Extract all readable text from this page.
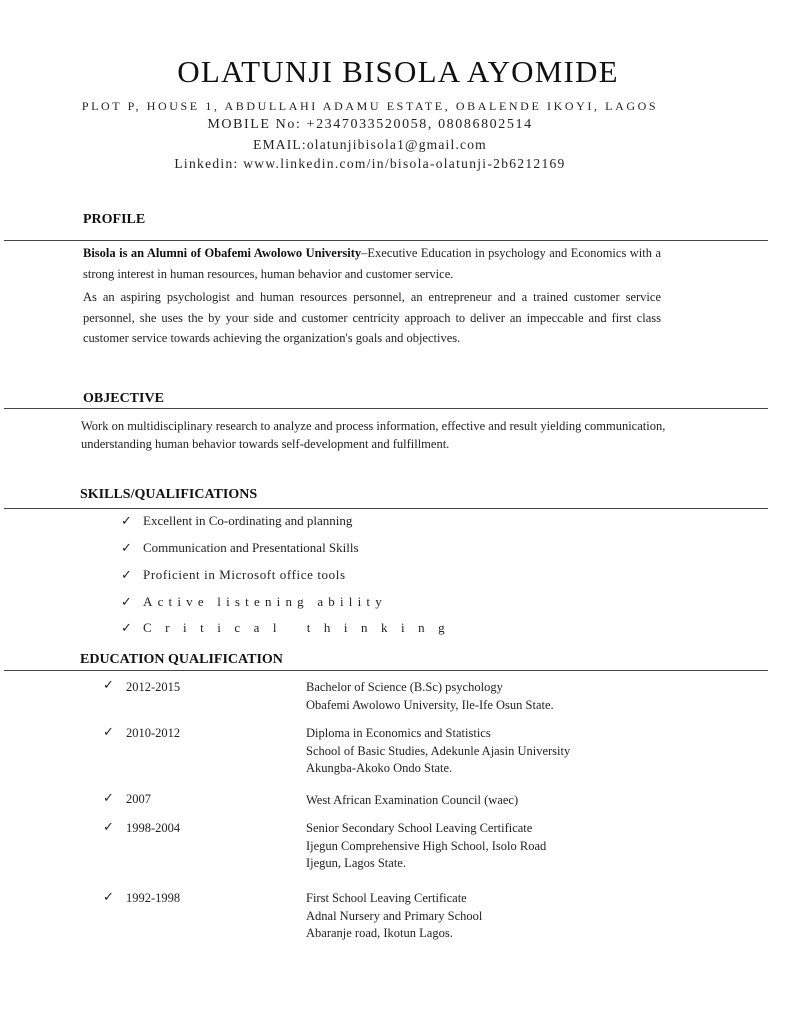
OLATUNJI BISOLA AYOMIDE
PLOT P, HOUSE 1, ABDULLAHI ADAMU ESTATE, OBALENDE IKOYI, LAGOS
MOBILE No: +2347033520058, 08086802514
EMAIL:olatunjibisola1@gmail.com
Linkedin: www.linkedin.com/in/bisola-olatunji-2b6212169
PROFILE
Bisola is an Alumni of Obafemi Awolowo University–Executive Education in psychology and Economics with a strong interest in human resources, human behavior and customer service.
As an aspiring psychologist and human resources personnel, an entrepreneur and a trained customer service personnel, she uses the by your side and customer centricity approach to deliver an impeccable and first class customer service towards achieving the organization's goals and objectives.
OBJECTIVE
Work on multidisciplinary research to analyze and process information, effective and result yielding communication, understanding human behavior towards self-development and fulfillment.
SKILLS/QUALIFICATIONS
✓ Excellent in Co-ordinating and planning
✓ Communication and Presentational Skills
✓ Proficient in Microsoft office tools
✓ Active listening ability
✓ Critical thinking
EDUCATION QUALIFICATION
✓ 2012-2015	Bachelor of Science (B.Sc) psychology
Obafemi Awolowo University, Ile-Ife Osun State.
✓ 2010-2012	Diploma in Economics and Statistics
School of Basic Studies, Adekunle Ajasin University
Akungba-Akoko Ondo State.
✓ 2007	West African Examination Council (waec)
✓ 1998-2004	Senior Secondary School Leaving Certificate
Ijegun Comprehensive High School, Isolo Road
Ijegun, Lagos State.
✓ 1992-1998	First School Leaving Certificate
Adnal Nursery and Primary School
Abaranje road, Ikotun Lagos.
